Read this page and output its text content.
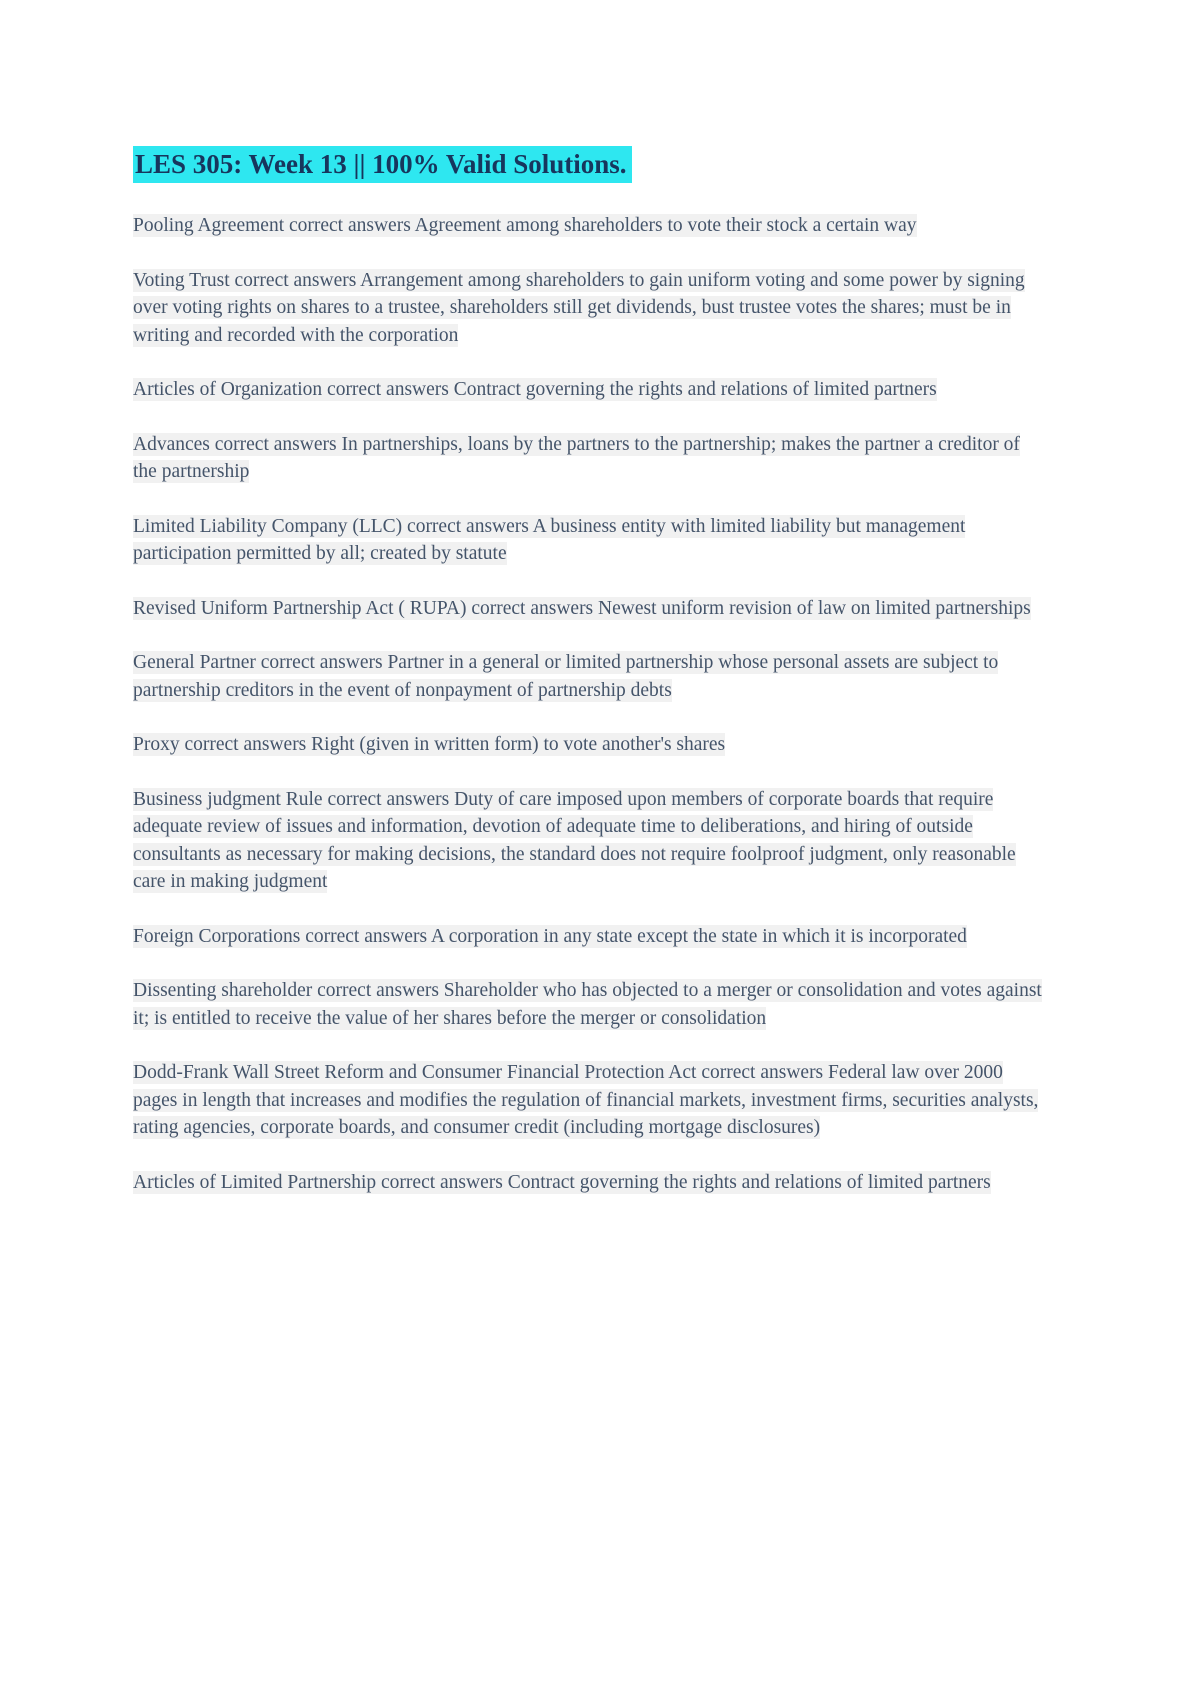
LES 305: Week 13 || 100% Valid Solutions.

Pooling Agreement correct answers Agreement among shareholders to vote their stock a certain way

Voting Trust correct answers Arrangement among shareholders to gain uniform voting and some power by signing over voting rights on shares to a trustee, shareholders still get dividends, bust trustee votes the shares; must be in writing and recorded with the corporation

Articles of Organization correct answers Contract governing the rights and relations of limited partners

Advances correct answers In partnerships, loans by the partners to the partnership; makes the partner a creditor of the partnership

Limited Liability Company (LLC) correct answers A business entity with limited liability but management participation permitted by all; created by statute

Revised Uniform Partnership Act ( RUPA) correct answers Newest uniform revision of law on limited partnerships

General Partner correct answers Partner in a general or limited partnership whose personal assets are subject to partnership creditors in the event of nonpayment of partnership debts

Proxy correct answers Right (given in written form) to vote another's shares

Business judgment Rule correct answers Duty of care imposed upon members of corporate boards that require adequate review of issues and information, devotion of adequate time to deliberations, and hiring of outside consultants as necessary for making decisions, the standard does not require foolproof judgment, only reasonable care in making judgment

Foreign Corporations correct answers A corporation in any state except the state in which it is incorporated

Dissenting shareholder correct answers Shareholder who has objected to a merger or consolidation and votes against it; is entitled to receive the value of her shares before the merger or consolidation

Dodd-Frank Wall Street Reform and Consumer Financial Protection Act correct answers Federal law over 2000 pages in length that increases and modifies the regulation of financial markets, investment firms, securities analysts, rating agencies, corporate boards, and consumer credit (including mortgage disclosures)

Articles of Limited Partnership correct answers Contract governing the rights and relations of limited partners
